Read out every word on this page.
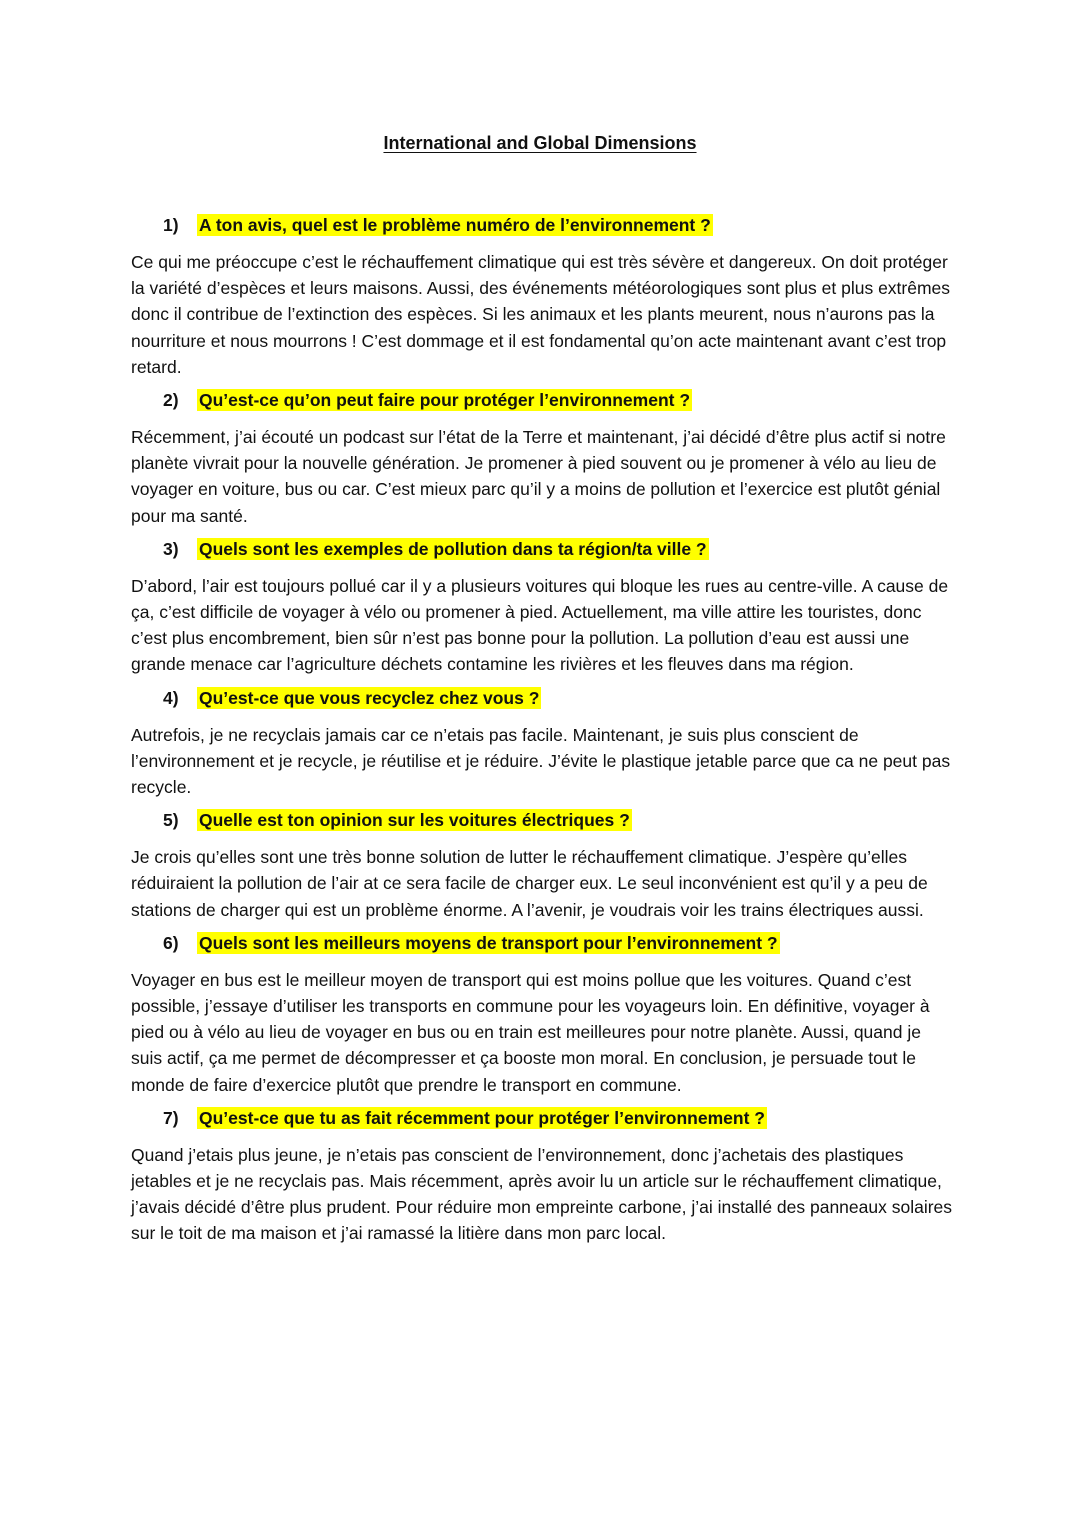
International and Global Dimensions
1) A ton avis, quel est le problème numéro de l’environnement ?

Ce qui me préoccupe c’est le réchauffement climatique qui est très sévère et dangereux. On doit protéger la variété d’espèces et leurs maisons. Aussi, des événements météorologiques sont plus et plus extrêmes donc il contribue de l’extinction des espèces. Si les animaux et les plants meurent, nous n’aurons pas la nourriture et nous mourrons ! C’est dommage et il est fondamental qu’on acte maintenant avant c’est trop retard.

2) Qu’est-ce qu’on peut faire pour protéger l’environnement ?

Récemment, j’ai écouté un podcast sur l’état de la Terre et maintenant, j’ai décidé d’être plus actif si notre planète vivrait pour la nouvelle génération. Je promener à pied souvent ou je promener à vélo au lieu de voyager en voiture, bus ou car. C’est mieux parc qu’il y a moins de pollution et l’exercice est plutôt génial pour ma santé.

3) Quels sont les exemples de pollution dans ta région/ta ville ?

D’abord, l’air est toujours pollué car il y a plusieurs voitures qui bloque les rues au centre-ville. A cause de ça, c’est difficile de voyager à vélo ou promener à pied. Actuellement, ma ville attire les touristes, donc c’est plus encombrement, bien sûr n’est pas bonne pour la pollution. La pollution d’eau est aussi une grande menace car l’agriculture déchets contamine les rivières et les fleuves dans ma région.

4) Qu’est-ce que vous recyclez chez vous ?

Autrefois, je ne recyclais jamais car ce n’etais pas facile. Maintenant, je suis plus conscient de l’environnement et je recycle, je réutilise et je réduire. J’évite le plastique jetable parce que ca ne peut pas recycle.

5) Quelle est ton opinion sur les voitures électriques ?

Je crois qu’elles sont une très bonne solution de lutter le réchauffement climatique. J’espère qu’elles réduiraient la pollution de l’air at ce sera facile de charger eux. Le seul inconvénient est qu’il y a peu de stations de charger qui est un problème énorme. A l’avenir, je voudrais voir les trains électriques aussi.

6) Quels sont les meilleurs moyens de transport pour l’environnement ?

Voyager en bus est le meilleur moyen de transport qui est moins pollue que les voitures. Quand c’est possible, j’essaye d’utiliser les transports en commune pour les voyageurs loin. En définitive, voyager à pied ou à vélo au lieu de voyager en bus ou en train est meilleures pour notre planète. Aussi, quand je suis actif, ça me permet de décompresser et ça booste mon moral. En conclusion, je persuade tout le monde de faire d’exercice plutôt que prendre le transport en commune.

7) Qu’est-ce que tu as fait récemment pour protéger l’environnement ?

Quand j’etais plus jeune, je n’etais pas conscient de l’environnement, donc j’achetais des plastiques jetables et je ne recyclais pas. Mais récemment, après avoir lu un article sur le réchauffement climatique, j’avais décidé d’être plus prudent. Pour réduire mon empreinte carbone, j’ai installé des panneaux solaires sur le toit de ma maison et j’ai ramassé la litière dans mon parc local.
